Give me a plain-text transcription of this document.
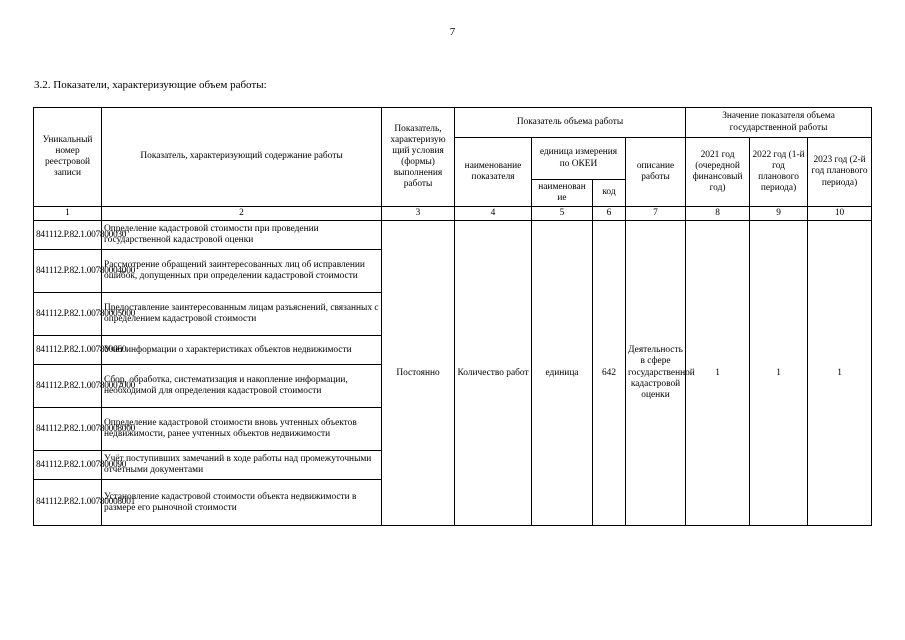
7
3.2. Показатели, характеризующие объем работы:
Уникальный номер реестровой записи	Показатель, характеризующий содержание работы	Показатель, характеризую щий условия (формы) выполнения работы	Показатель объема работы				Значение показателя объема государственной работы		
			наименование показателя	единица измерения по ОКЕИ		описание работы	2021 год (очередной финансовый год)	2022 год (1-й год планового периода)	2023 год (2-й год планового периода)
				наименован ие	код				
1	2	3	4	5	6	7	8	9	10
841112.Р.82.1.007800030	Определение кадастровой стоимости при проведении государственной кадастровой оценки	Постоянно	Количество работ	единица	642	Деятельность в сфере государственной кадастровой оценки	1	1	1
841112.Р.82.1.00780004000	Рассмотрение обращений заинтересованных лиц об исправлении ошибок, допущенных при определении кадастровой стоимости								
841112.Р.82.1.00780005000	Предоставление заинтересованным лицам разъяснений, связанных с определением кадастровой стоимости								
841112.Р.82.1.007800060	Учёт информации о характеристиках объектов недвижимости								
841112.Р.82.1.00780007000	Сбор, обработка, систематизация и накопление информации, необходимой для определения кадастровой стоимости								
841112.Р.82.1.00780008000	Определение кадастровой стоимости вновь учтенных объектов недвижимости, ранее учтенных объектов недвижимости								
841112.Р.82.1.007800090	Учёт поступивших замечаний в ходе работы над промежуточными отчётными документами								
841112.Р.82.1.00780008001	Установление кадастровой стоимости объекта недвижимости в размере его рыночной стоимости								
